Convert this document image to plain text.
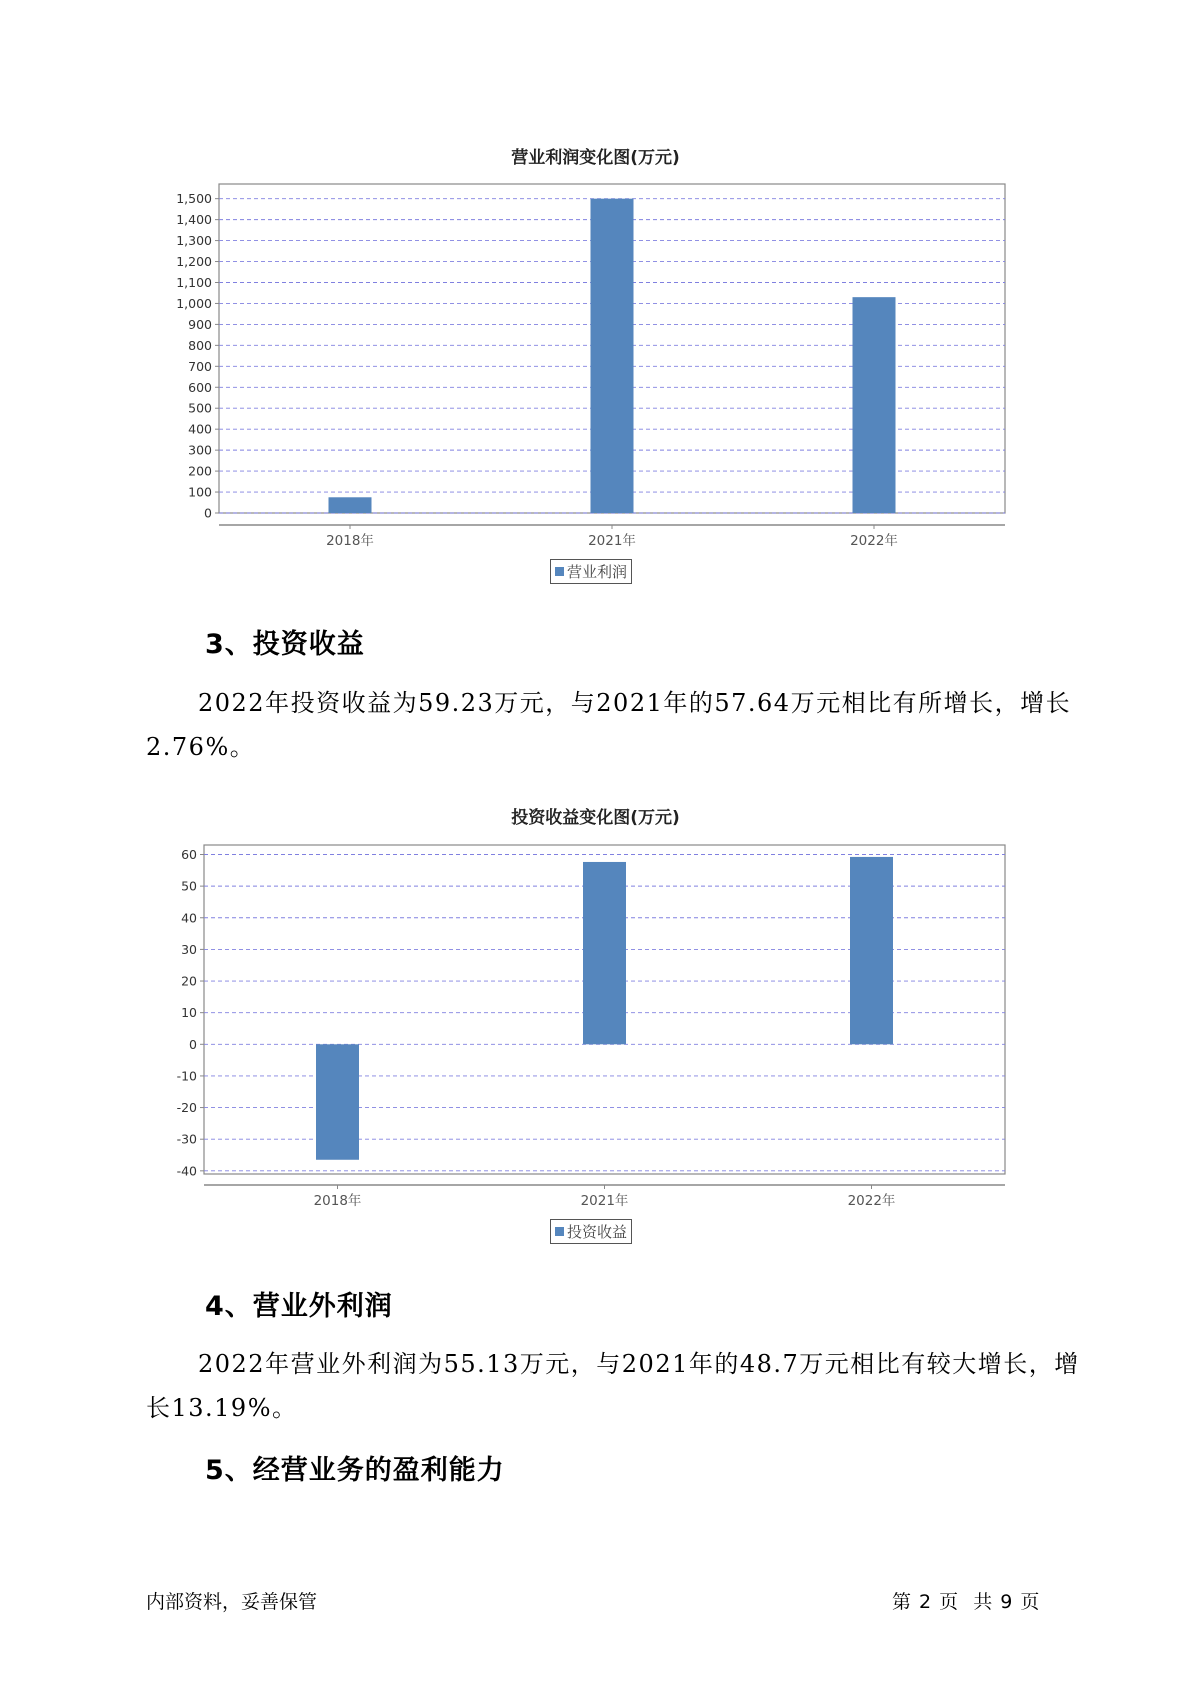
营业利润变化图(万元)
0
100
200
300
400
500
600
700
800
900
1,000
1,100
1,200
1,300
1,400
1,500
2018年	2021年	2022年
营业利润
3、投资收益

2022年投资收益为59.23万元，与2021年的57.64万元相比有所增长，增长2.76%。

投资收益变化图(万元)
-40
-30
-20
-10
0
10
20
30
40
50
60
2018年	2021年	2022年
投资收益
4、营业外利润

2022年营业外利润为55.13万元，与2021年的48.7万元相比有较大增长，增长13.19%。

5、经营业务的盈利能力
内部资料，妥善保管	第 2 页  共 9 页
